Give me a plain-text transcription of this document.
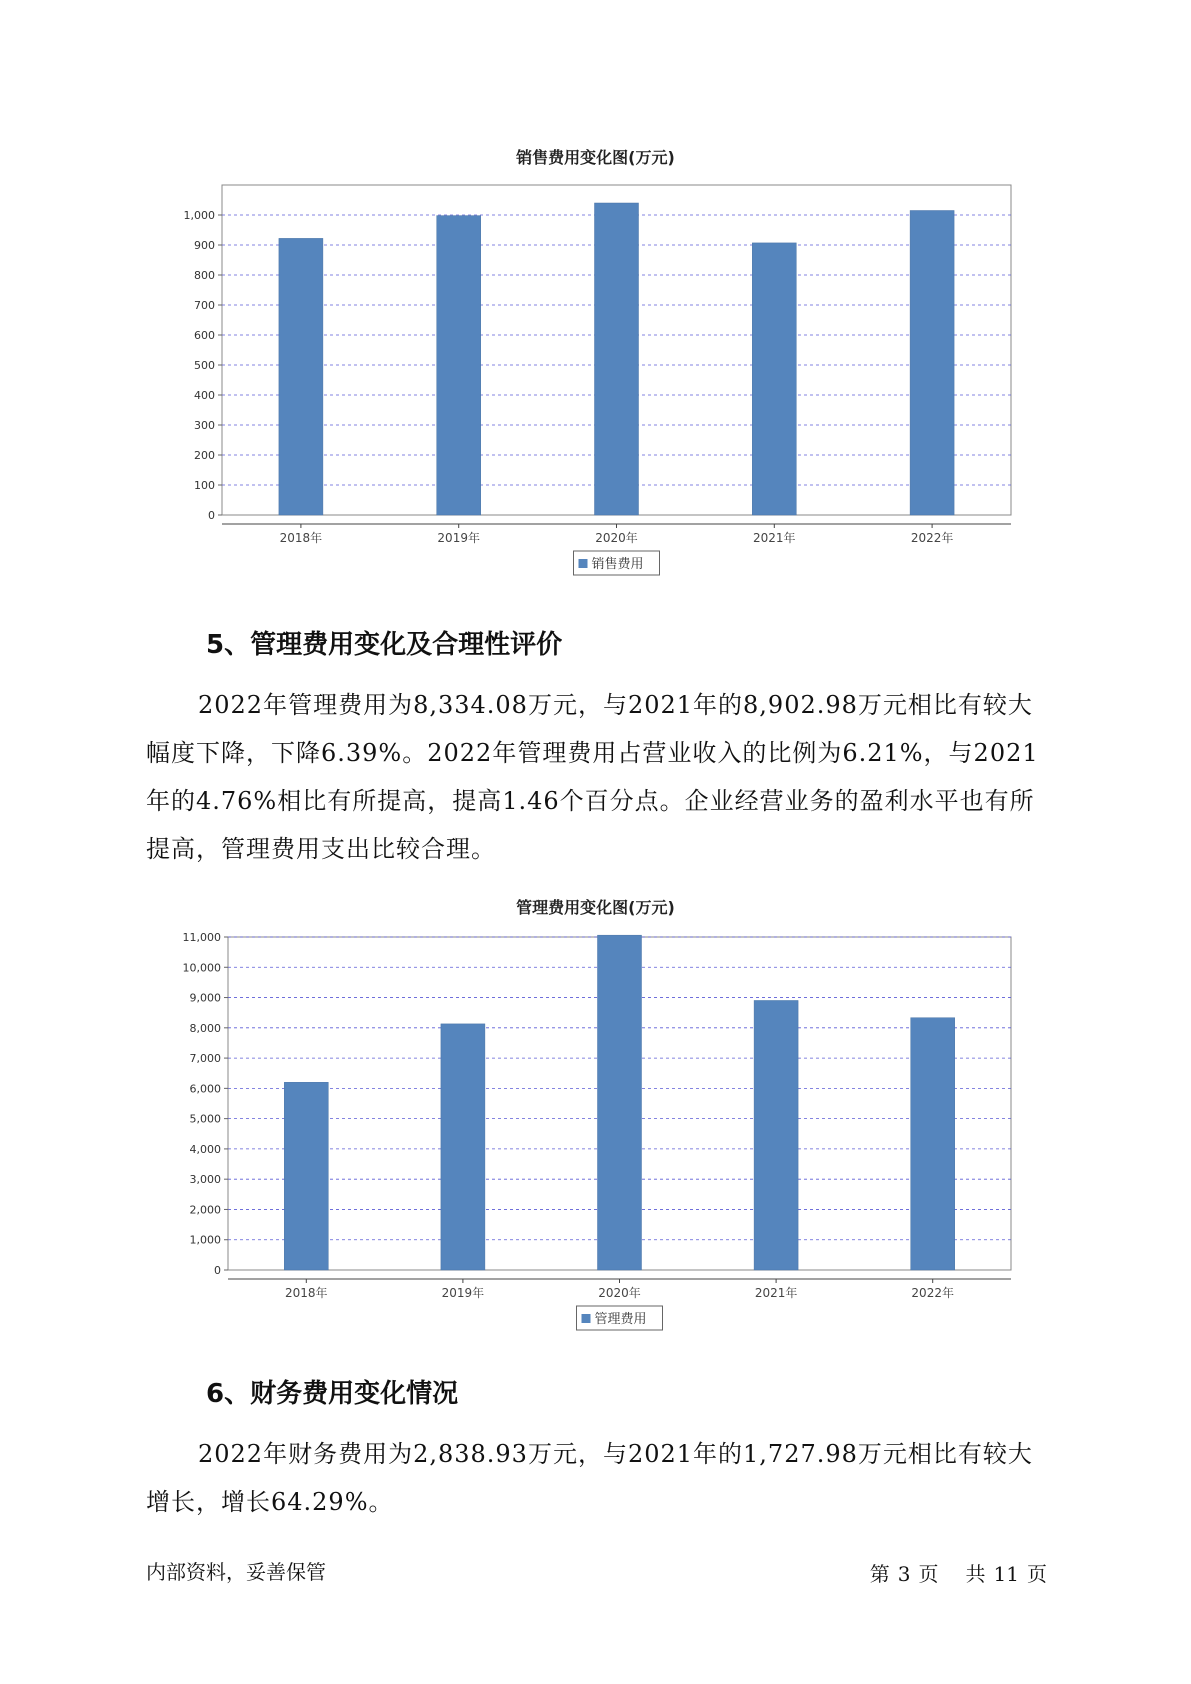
销售费用变化图(万元)
0
100
200
300
400
500
600
700
800
900
1,000
2018年	2019年	2020年	2021年	2022年
销售费用
5、管理费用变化及合理性评价

2022年管理费用为8,334.08万元，与2021年的8,902.98万元相比有较大幅度下降，下降6.39%。2022年管理费用占营业收入的比例为6.21%，与2021年的4.76%相比有所提高，提高1.46个百分点。企业经营业务的盈利水平也有所提高，管理费用支出比较合理。

管理费用变化图(万元)
0
1,000
2,000
3,000
4,000
5,000
6,000
7,000
8,000
9,000
10,000
11,000
2018年	2019年	2020年	2021年	2022年
管理费用
6、财务费用变化情况

2022年财务费用为2,838.93万元，与2021年的1,727.98万元相比有较大增长，增长64.29%。

内部资料，妥善保管	第 3 页 共 11 页
